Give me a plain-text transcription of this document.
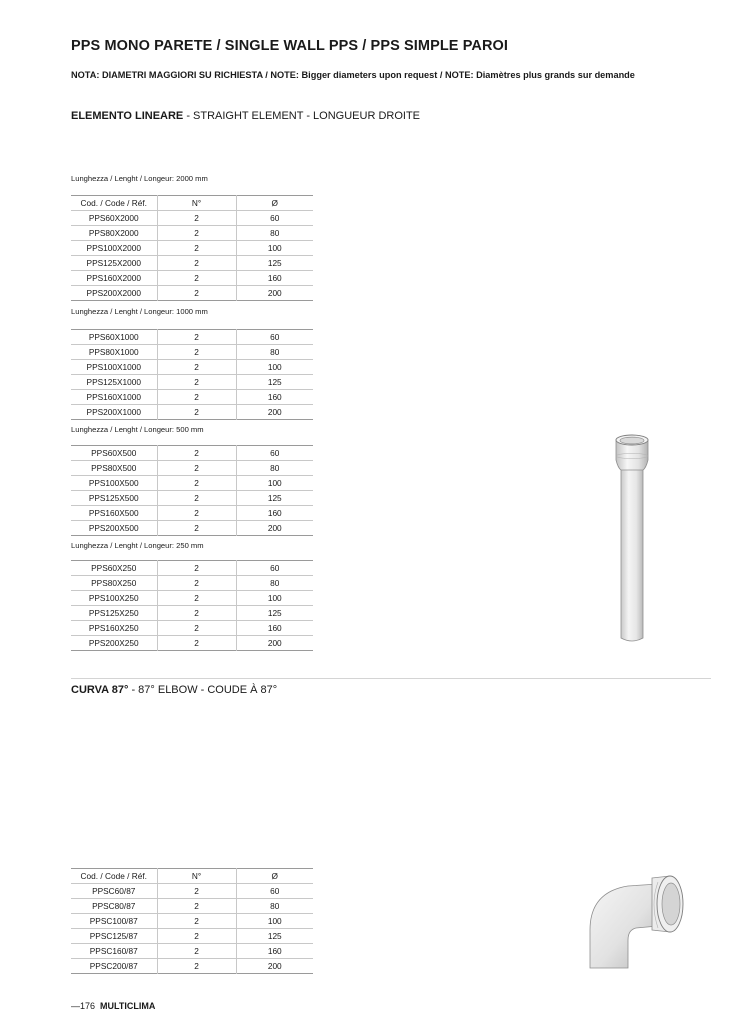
PPS MONO PARETE / SINGLE WALL PPS / PPS SIMPLE PAROI
NOTA: DIAMETRI MAGGIORI SU RICHIESTA / NOTE: Bigger diameters upon request / NOTE: Diamètres plus grands sur demande
ELEMENTO LINEARE - STRAIGHT ELEMENT - LONGUEUR DROITE
Lunghezza / Lenght / Longeur: 2000 mm
Cod. / Code / Réf.	N°	Ø
PPS60X2000	2	60
PPS80X2000	2	80
PPS100X2000	2	100
PPS125X2000	2	125
PPS160X2000	2	160
PPS200X2000	2	200
Lunghezza / Lenght / Longeur: 1000 mm
PPS60X1000	2	60
PPS80X1000	2	80
PPS100X1000	2	100
PPS125X1000	2	125
PPS160X1000	2	160
PPS200X1000	2	200
Lunghezza / Lenght / Longeur: 500 mm
PPS60X500	2	60
PPS80X500	2	80
PPS100X500	2	100
PPS125X500	2	125
PPS160X500	2	160
PPS200X500	2	200
Lunghezza / Lenght / Longeur: 250 mm
PPS60X250	2	60
PPS80X250	2	80
PPS100X250	2	100
PPS125X250	2	125
PPS160X250	2	160
PPS200X250	2	200
CURVA 87° - 87° ELBOW - COUDE À 87°
Cod. / Code / Réf.	N°	Ø
PPSC60/87	2	60
PPSC80/87	2	80
PPSC100/87	2	100
PPSC125/87	2	125
PPSC160/87	2	160
PPSC200/87	2	200
—176 MULTICLIMA
